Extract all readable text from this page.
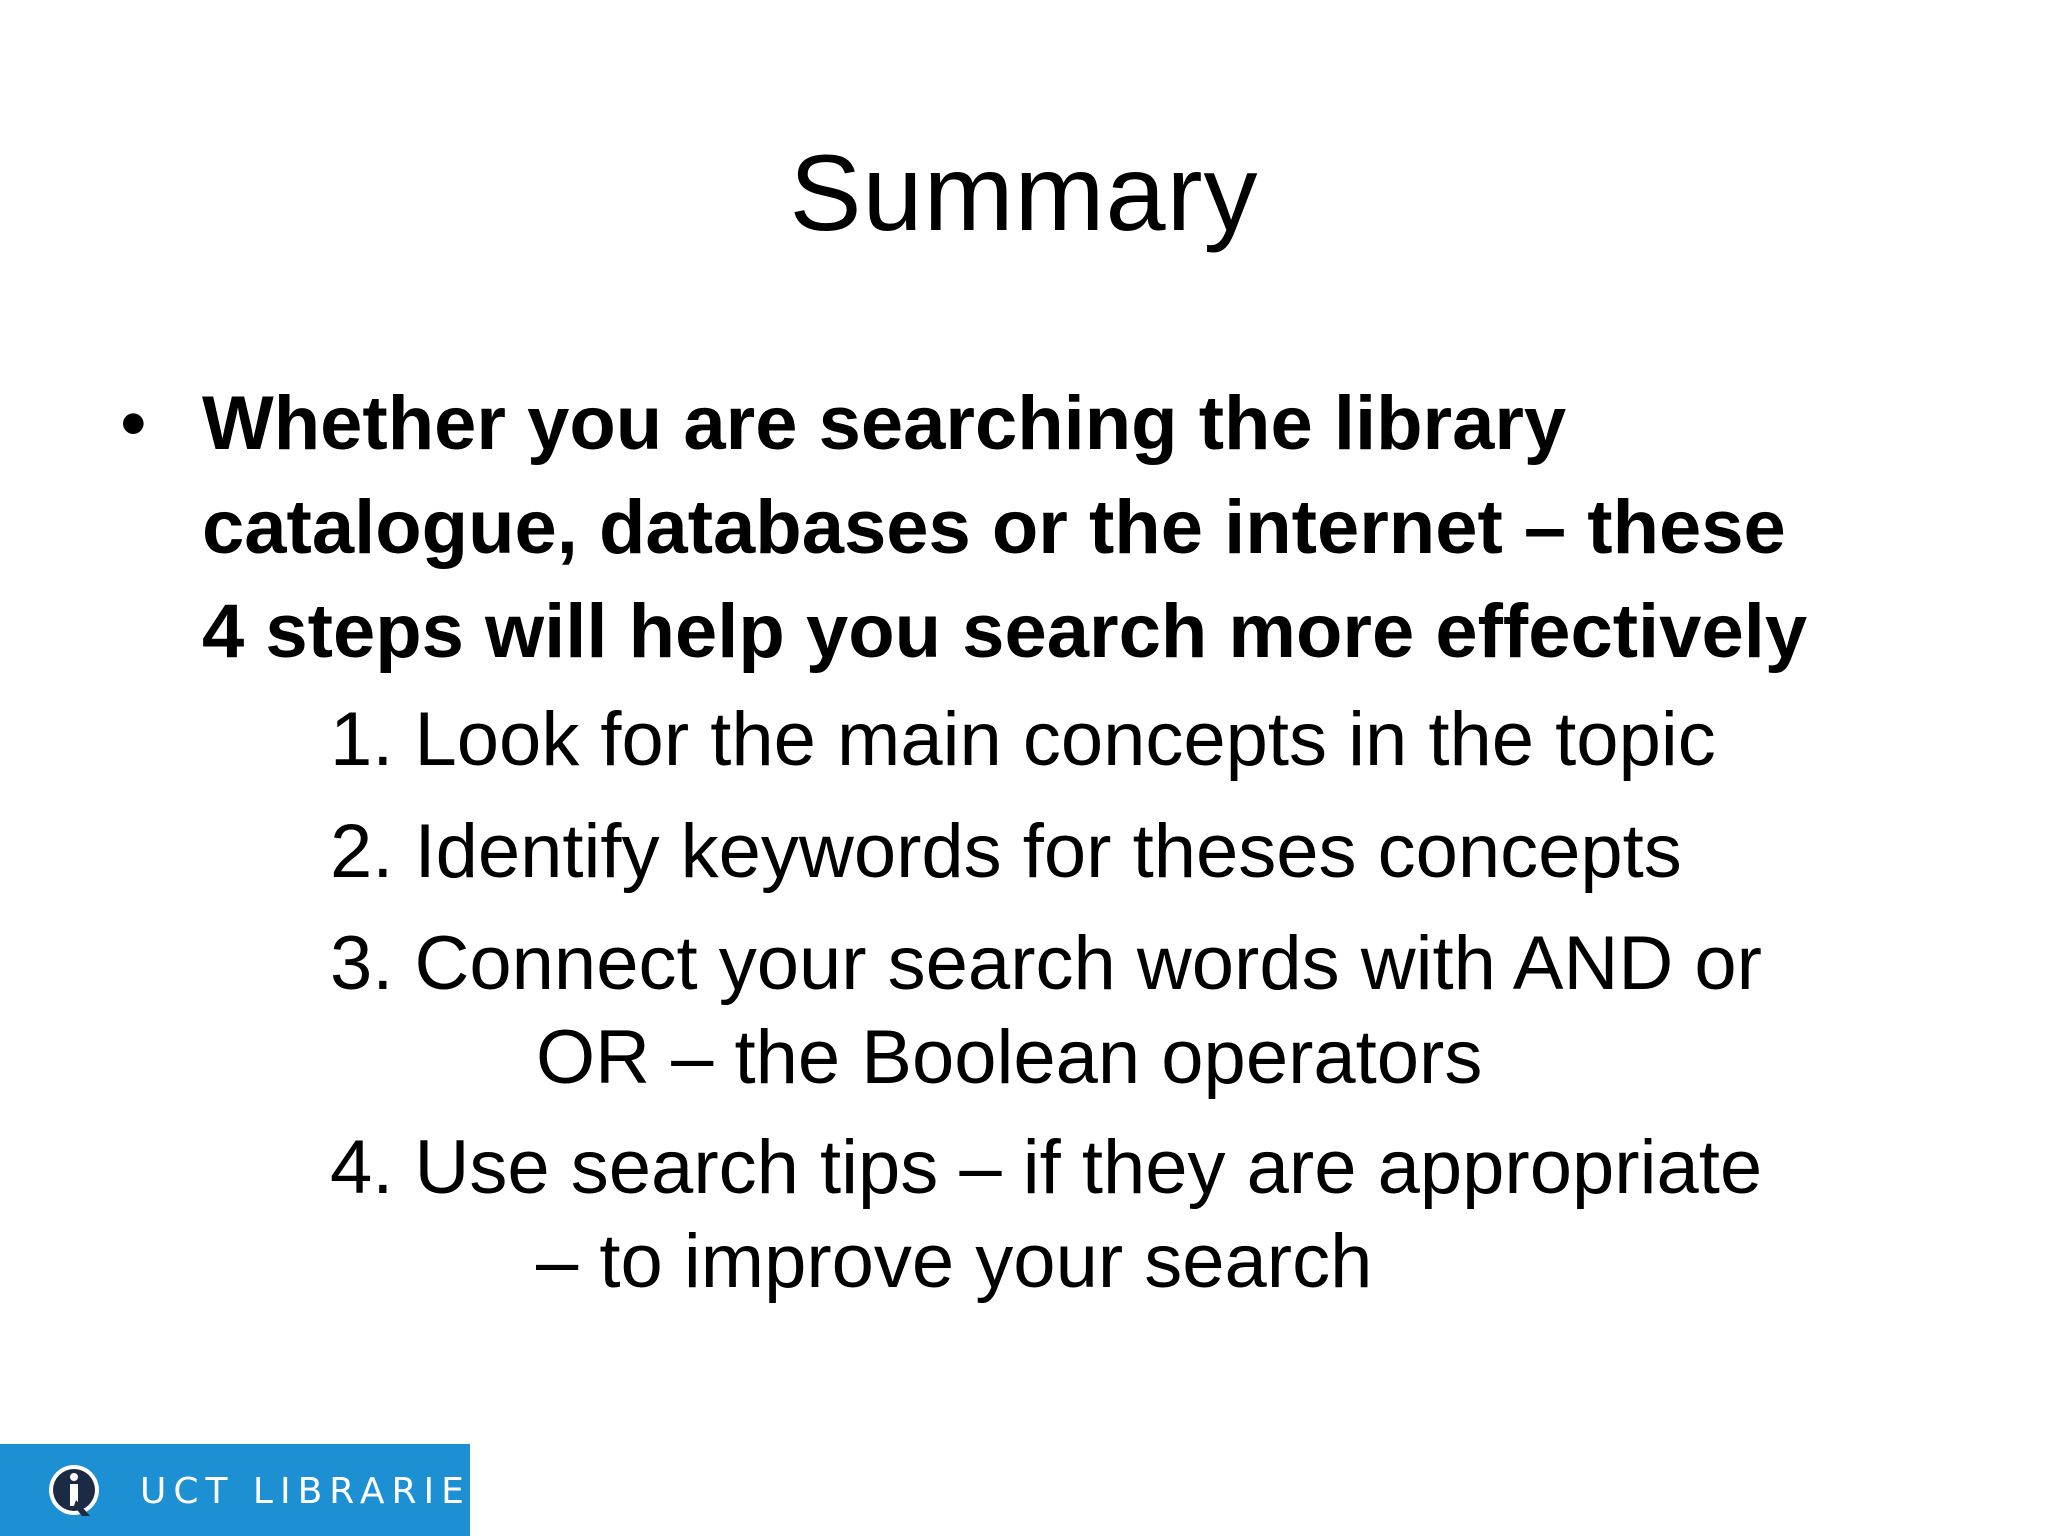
Summary
• Whether you are searching the library
catalogue, databases or the internet – these
4 steps will help you search more effectively
1. Look for the main concepts in the topic
2. Identify keywords for theses concepts
3. Connect your search words with AND or
OR – the Boolean operators
4. Use search tips – if they are appropriate
– to improve your search
UCT LIBRARIES
